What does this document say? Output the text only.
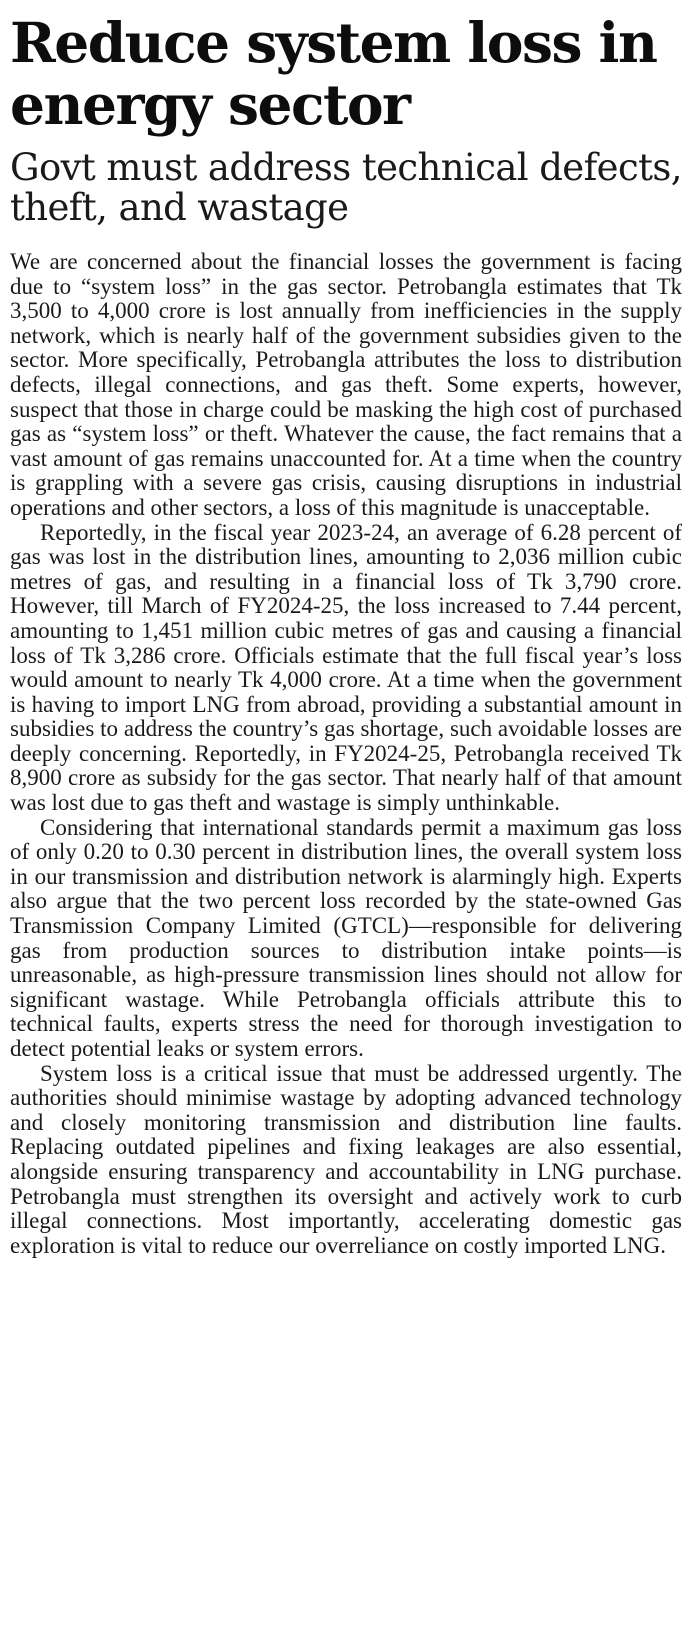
Reduce system loss in energy sector
Govt must address technical defects, theft, and wastage

We are concerned about the financial losses the government is facing due to “system loss” in the gas sector. Petrobangla estimates that Tk 3,500 to 4,000 crore is lost annually from inefficiencies in the supply network, which is nearly half of the government subsidies given to the sector. More specifically, Petrobangla attributes the loss to distribution defects, illegal connections, and gas theft. Some experts, however, suspect that those in charge could be masking the high cost of purchased gas as “system loss” or theft. Whatever the cause, the fact remains that a vast amount of gas remains unaccounted for. At a time when the country is grappling with a severe gas crisis, causing disruptions in industrial operations and other sectors, a loss of this magnitude is unacceptable.

Reportedly, in the fiscal year 2023-24, an average of 6.28 percent of gas was lost in the distribution lines, amounting to 2,036 million cubic metres of gas, and resulting in a financial loss of Tk 3,790 crore. However, till March of FY2024-25, the loss increased to 7.44 percent, amounting to 1,451 million cubic metres of gas and causing a financial loss of Tk 3,286 crore. Officials estimate that the full fiscal year’s loss would amount to nearly Tk 4,000 crore. At a time when the government is having to import LNG from abroad, providing a substantial amount in subsidies to address the country’s gas shortage, such avoidable losses are deeply concerning. Reportedly, in FY2024-25, Petrobangla received Tk 8,900 crore as subsidy for the gas sector. That nearly half of that amount was lost due to gas theft and wastage is simply unthinkable.

Considering that international standards permit a maximum gas loss of only 0.20 to 0.30 percent in distribution lines, the overall system loss in our transmission and distribution network is alarmingly high. Experts also argue that the two percent loss recorded by the state-owned Gas Transmission Company Limited (GTCL)—responsible for delivering gas from production sources to distribution intake points—is unreasonable, as high-pressure transmission lines should not allow for significant wastage. While Petrobangla officials attribute this to technical faults, experts stress the need for thorough investigation to detect potential leaks or system errors.

System loss is a critical issue that must be addressed urgently. The authorities should minimise wastage by adopting advanced technology and closely monitoring transmission and distribution line faults. Replacing outdated pipelines and fixing leakages are also essential, alongside ensuring transparency and accountability in LNG purchase. Petrobangla must strengthen its oversight and actively work to curb illegal connections. Most importantly, accelerating domestic gas exploration is vital to reduce our overreliance on costly imported LNG.
